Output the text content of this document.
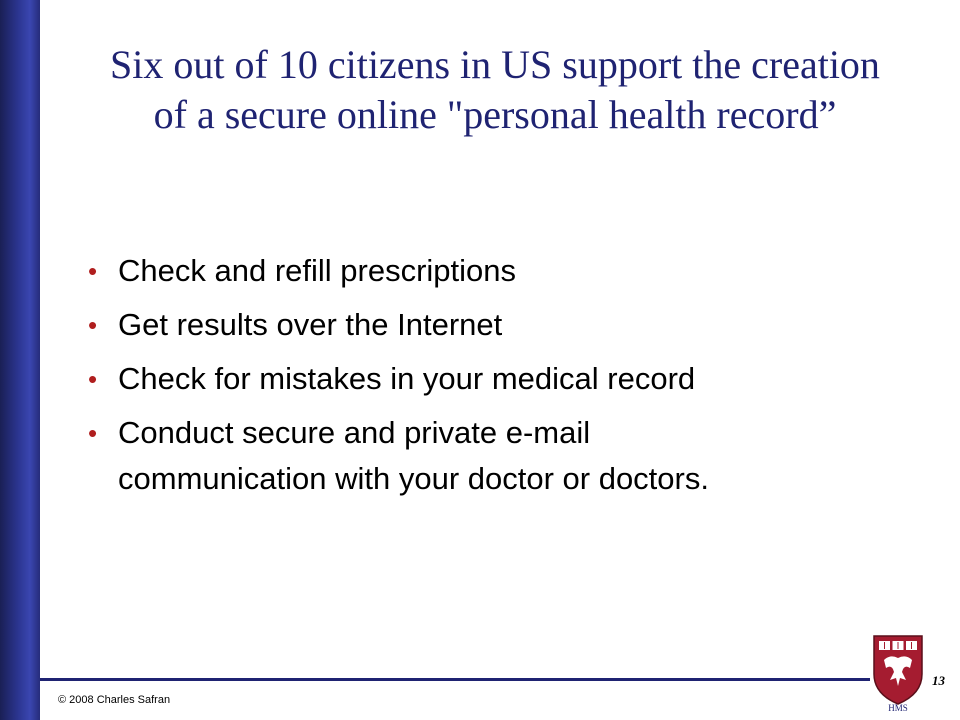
Six out of 10 citizens in US support the creation
of a secure online "personal health record”
• Check and refill prescriptions
• Get results over the Internet
• Check for mistakes in your medical record
• Conduct secure and private e-mail
communication with your doctor or doctors.
© 2008 Charles Safran
13
HMS
